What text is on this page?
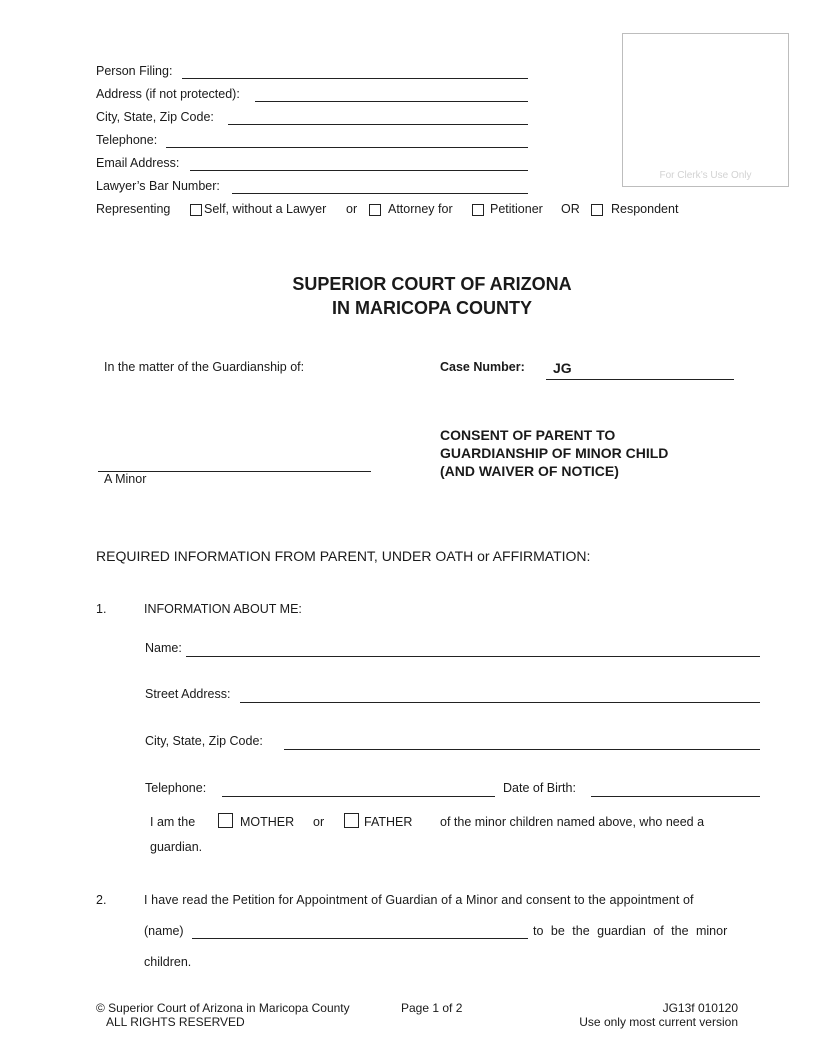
Person Filing:
Address (if not protected):
City, State, Zip Code:
Telephone:
Email Address:
Lawyer’s Bar Number:
Representing	Self, without a Lawyer or Attorney for	Petitioner OR	Respondent
For Clerk’s Use Only
SUPERIOR COURT OF ARIZONA
IN MARICOPA COUNTY
In the matter of the Guardianship of:	Case Number: JG
A Minor
CONSENT OF PARENT TO
GUARDIANSHIP OF MINOR CHILD
(AND WAIVER OF NOTICE)
REQUIRED INFORMATION FROM PARENT, UNDER OATH or AFFIRMATION:
1.	INFORMATION ABOUT ME:
Name:
Street Address:
City, State, Zip Code:
Telephone:	Date of Birth:
I am the	MOTHER or	FATHER of the minor children named above, who need a
guardian.
2.	I have read the Petition for Appointment of Guardian of a Minor and consent to the appointment of
(name)	to be the guardian of the minor
children.
© Superior Court of Arizona in Maricopa County
ALL RIGHTS RESERVED
Page 1 of 2	JG13f 010120
Use only most current version
